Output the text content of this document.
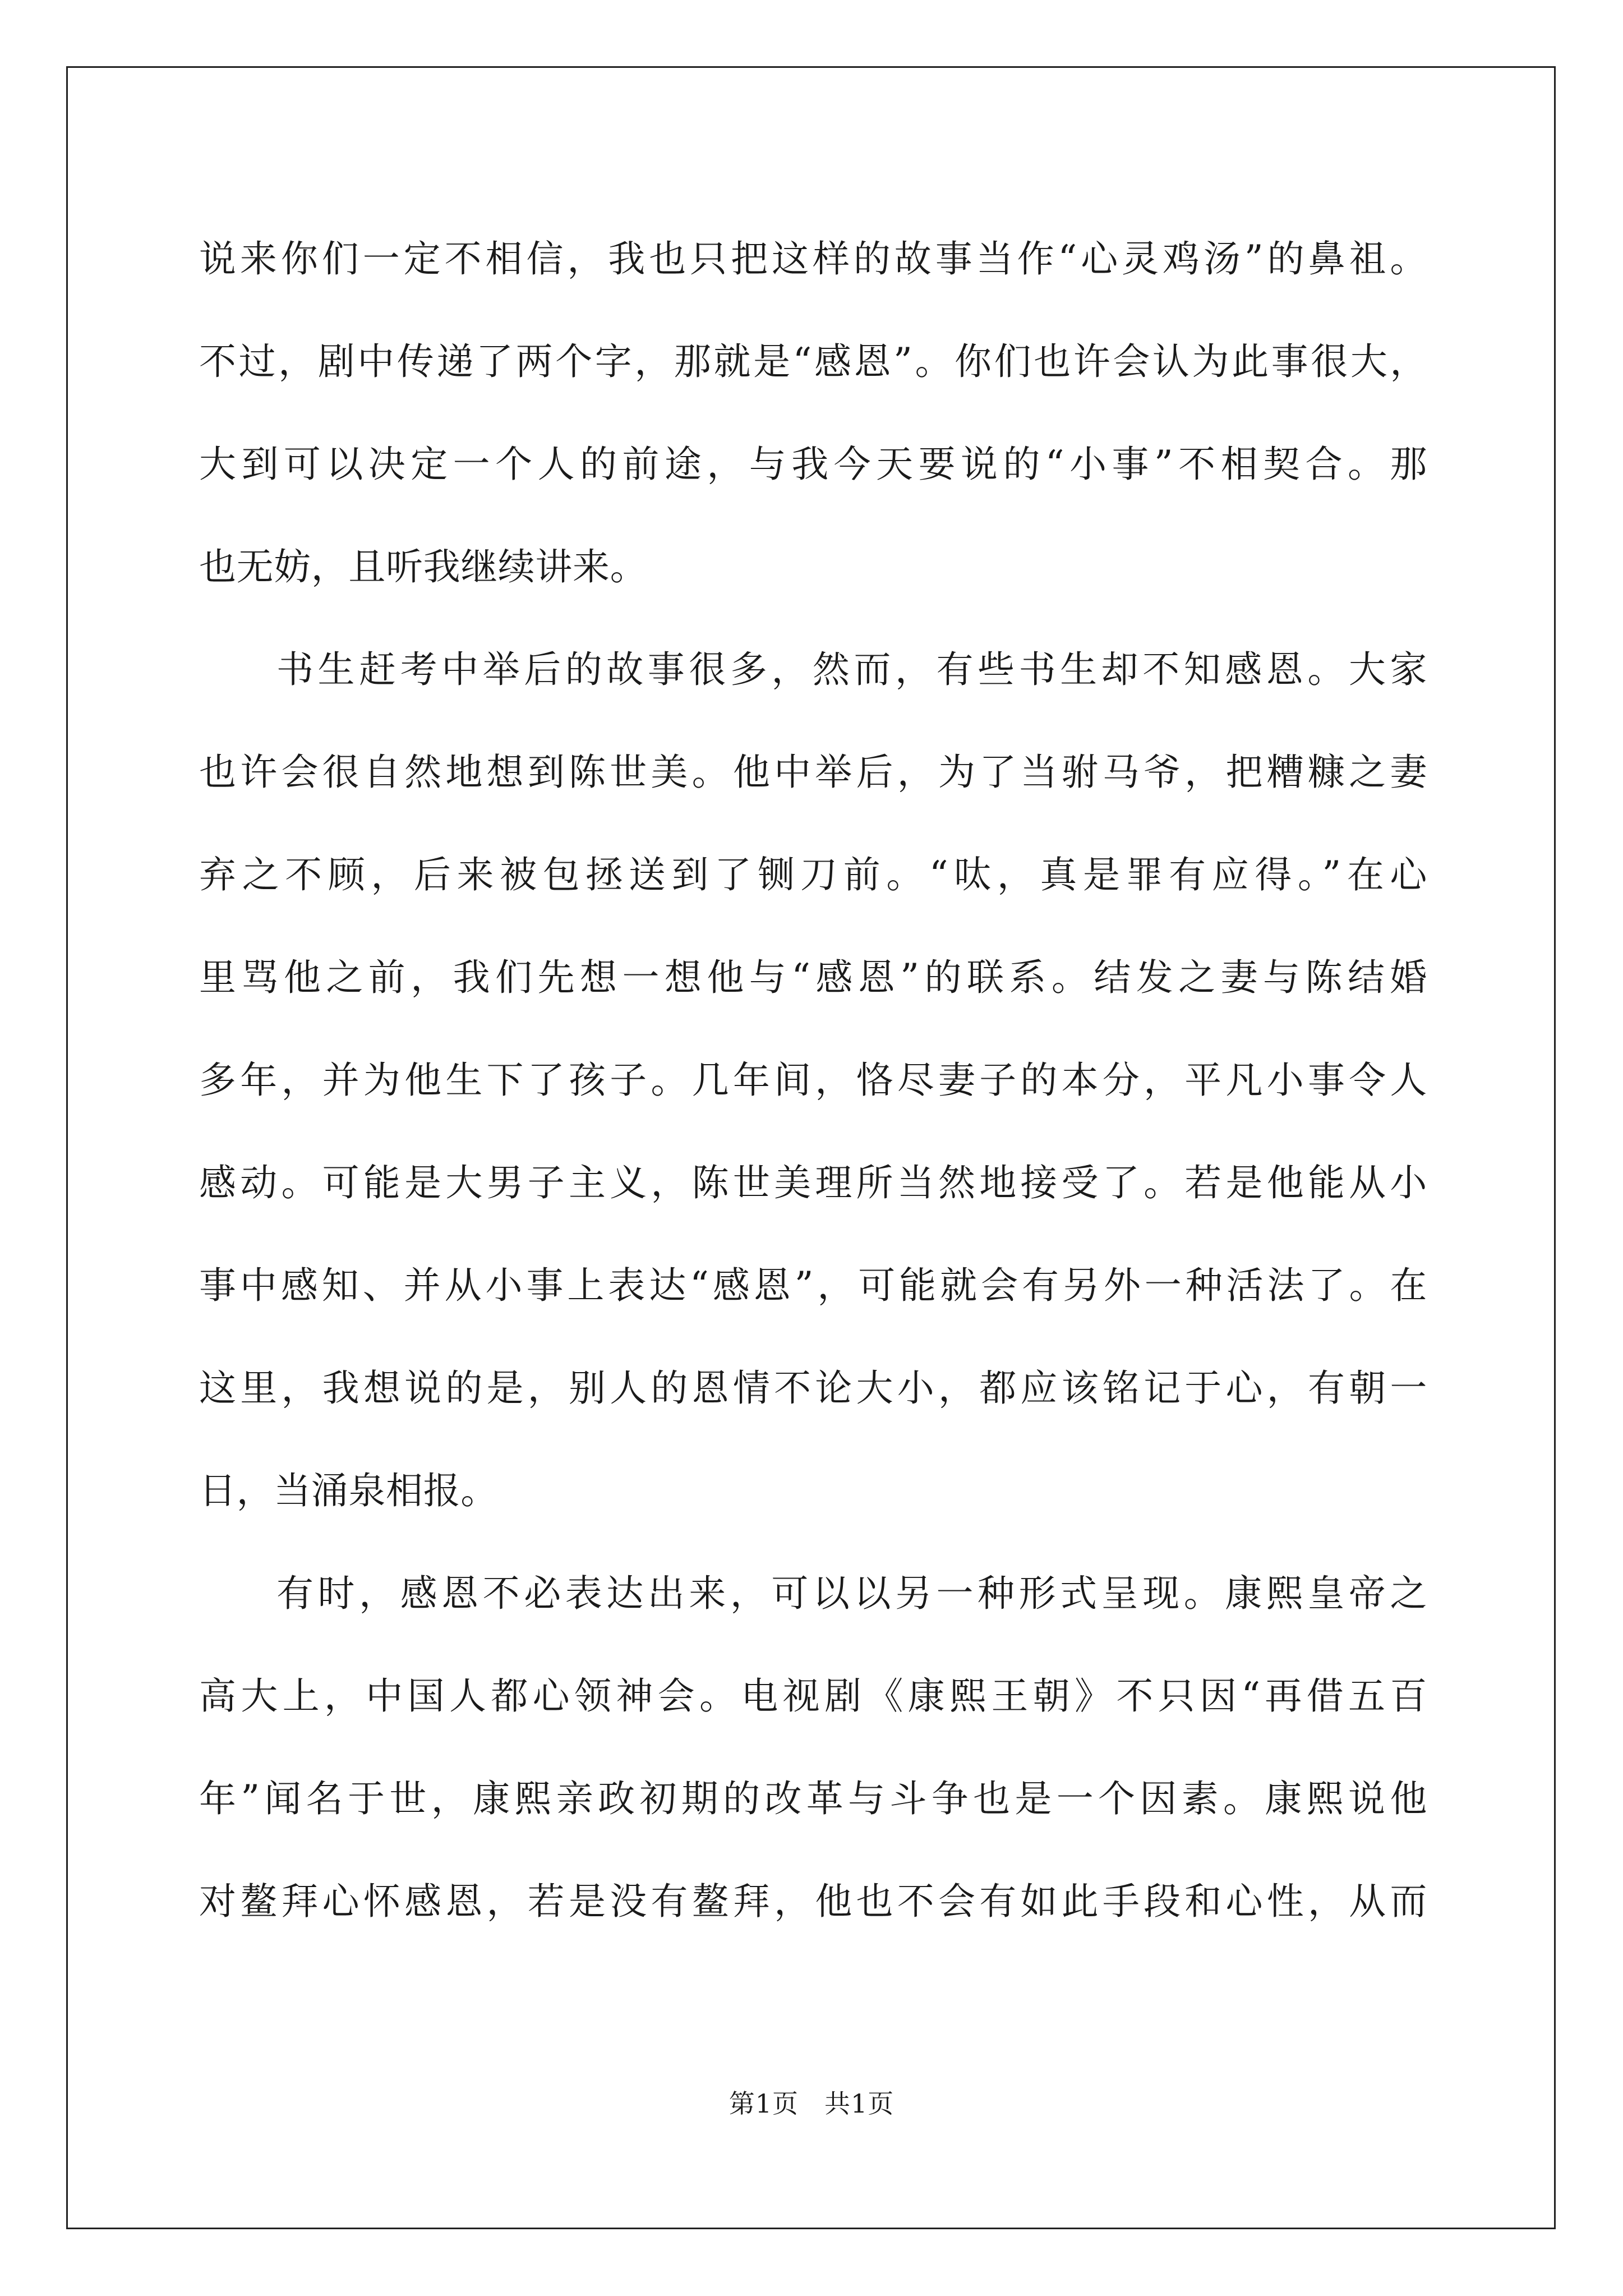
说来你们一定不相信，我也只把这样的故事当作“心灵鸡汤”的鼻祖。
不过，剧中传递了两个字，那就是“感恩”。你们也许会认为此事很大，
大到可以决定一个人的前途，与我今天要说的“小事”不相契合。那
也无妨，且听我继续讲来。
书生赶考中举后的故事很多，然而，有些书生却不知感恩。大家
也许会很自然地想到陈世美。他中举后，为了当驸马爷，把糟糠之妻
弃之不顾，后来被包拯送到了铡刀前。“呔，真是罪有应得。”在心
里骂他之前，我们先想一想他与“感恩”的联系。结发之妻与陈结婚
多年，并为他生下了孩子。几年间，恪尽妻子的本分，平凡小事令人
感动。可能是大男子主义，陈世美理所当然地接受了。若是他能从小
事中感知、并从小事上表达“感恩”，可能就会有另外一种活法了。在
这里，我想说的是，别人的恩情不论大小，都应该铭记于心，有朝一
日，当涌泉相报。
有时，感恩不必表达出来，可以以另一种形式呈现。康熙皇帝之
高大上，中国人都心领神会。电视剧《康熙王朝》不只因“再借五百
年”闻名于世，康熙亲政初期的改革与斗争也是一个因素。康熙说他
对鳌拜心怀感恩，若是没有鳌拜，他也不会有如此手段和心性，从而
第1页 共1页
